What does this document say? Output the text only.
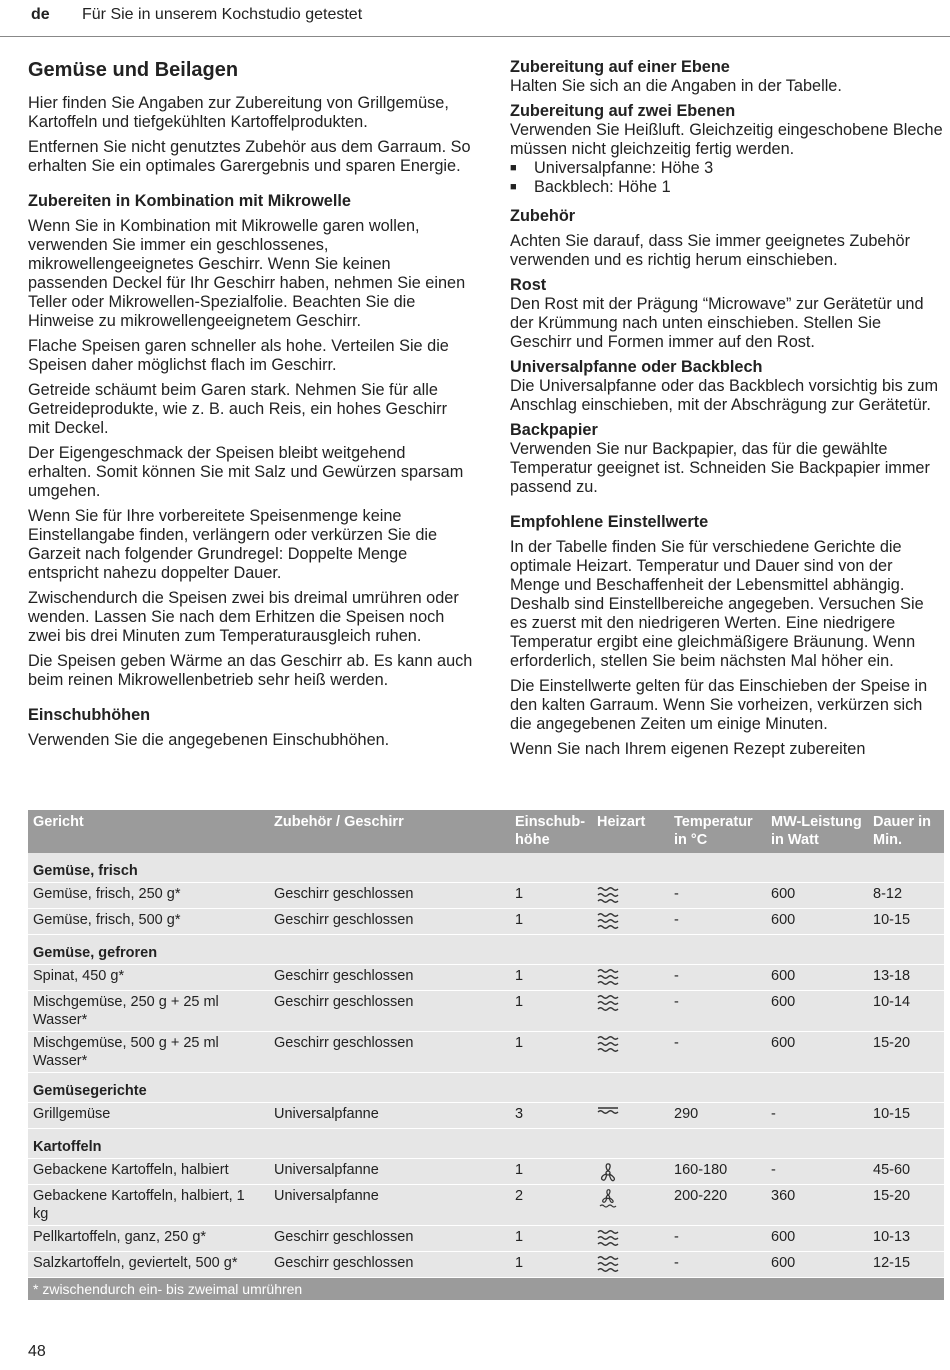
de Für Sie in unserem Kochstudio getestet
Gemüse und Beilagen

Hier finden Sie Angaben zur Zubereitung von Grillgemüse, Kartoffeln und tiefgekühlten Kartoffelprodukten.

Entfernen Sie nicht genutztes Zubehör aus dem Garraum. So erhalten Sie ein optimales Garergebnis und sparen Energie.

Zubereiten in Kombination mit Mikrowelle

Wenn Sie in Kombination mit Mikrowelle garen wollen, verwenden Sie immer ein geschlossenes, mikrowellengeeignetes Geschirr. Wenn Sie keinen passenden Deckel für Ihr Geschirr haben, nehmen Sie einen Teller oder Mikrowellen-Spezialfolie. Beachten Sie die Hinweise zu mikrowellengeeignetem Geschirr.

Flache Speisen garen schneller als hohe. Verteilen Sie die Speisen daher möglichst flach im Geschirr.

Getreide schäumt beim Garen stark. Nehmen Sie für alle Getreideprodukte, wie z. B. auch Reis, ein hohes Geschirr mit Deckel.

Der Eigengeschmack der Speisen bleibt weitgehend erhalten. Somit können Sie mit Salz und Gewürzen sparsam umgehen.

Wenn Sie für Ihre vorbereitete Speisenmenge keine Einstellangabe finden, verlängern oder verkürzen Sie die Garzeit nach folgender Grundregel: Doppelte Menge entspricht nahezu doppelter Dauer.

Zwischendurch die Speisen zwei bis dreimal umrühren oder wenden. Lassen Sie nach dem Erhitzen die Speisen noch zwei bis drei Minuten zum Temperaturausgleich ruhen.

Die Speisen geben Wärme an das Geschirr ab. Es kann auch beim reinen Mikrowellenbetrieb sehr heiß werden.

Einschubhöhen

Verwenden Sie die angegebenen Einschubhöhen.

Zubereitung auf einer Ebene

Halten Sie sich an die Angaben in der Tabelle.

Zubereitung auf zwei Ebenen

Verwenden Sie Heißluft. Gleichzeitig eingeschobene Bleche müssen nicht gleichzeitig fertig werden.

■ Universalpfanne: Höhe 3
■ Backblech: Höhe 1
Zubehör

Achten Sie darauf, dass Sie immer geeignetes Zubehör verwenden und es richtig herum einschieben.

Rost

Den Rost mit der Prägung “Microwave” zur Gerätetür und der Krümmung nach unten einschieben. Stellen Sie Geschirr und Formen immer auf den Rost.

Universalpfanne oder Backblech

Die Universalpfanne oder das Backblech vorsichtig bis zum Anschlag einschieben, mit der Abschrägung zur Gerätetür.

Backpapier

Verwenden Sie nur Backpapier, das für die gewählte Temperatur geeignet ist. Schneiden Sie Backpapier immer passend zu.

Empfohlene Einstellwerte

In der Tabelle finden Sie für verschiedene Gerichte die optimale Heizart. Temperatur und Dauer sind von der Menge und Beschaffenheit der Lebensmittel abhängig. Deshalb sind Einstellbereiche angegeben. Versuchen Sie es zuerst mit den niedrigeren Werten. Eine niedrigere Temperatur ergibt eine gleichmäßigere Bräunung. Wenn erforderlich, stellen Sie beim nächsten Mal höher ein.

Die Einstellwerte gelten für das Einschieben der Speise in den kalten Garraum. Wenn Sie vorheizen, verkürzen sich die angegebenen Zeiten um einige Minuten.

Wenn Sie nach Ihrem eigenen Rezept zubereiten

Gericht	Zubehör / Geschirr	Einschub-höhe	Heizart	Temperatur in °C	MW-Leistung in Watt	Dauer in Min.
Gemüse, frisch						
Gemüse, frisch, 250 g*	Geschirr geschlossen	1		-	600	8-12
Gemüse, frisch, 500 g*	Geschirr geschlossen	1		-	600	10-15
Gemüse, gefroren						
Spinat, 450 g*	Geschirr geschlossen	1		-	600	13-18
Mischgemüse, 250 g + 25 ml Wasser*	Geschirr geschlossen	1		-	600	10-14
Mischgemüse, 500 g + 25 ml Wasser*	Geschirr geschlossen	1		-	600	15-20
Gemüsegerichte						
Grillgemüse	Universalpfanne	3		290	-	10-15
Kartoffeln						
Gebackene Kartoffeln, halbiert	Universalpfanne	1		160-180	-	45-60
Gebackene Kartoffeln, halbiert, 1 kg	Universalpfanne	2		200-220	360	15-20
Pellkartoffeln, ganz, 250 g*	Geschirr geschlossen	1		-	600	10-13
Salzkartoffeln, geviertelt, 500 g*	Geschirr geschlossen	1		-	600	12-15
* zwischendurch ein- bis zweimal umrühren						
48
